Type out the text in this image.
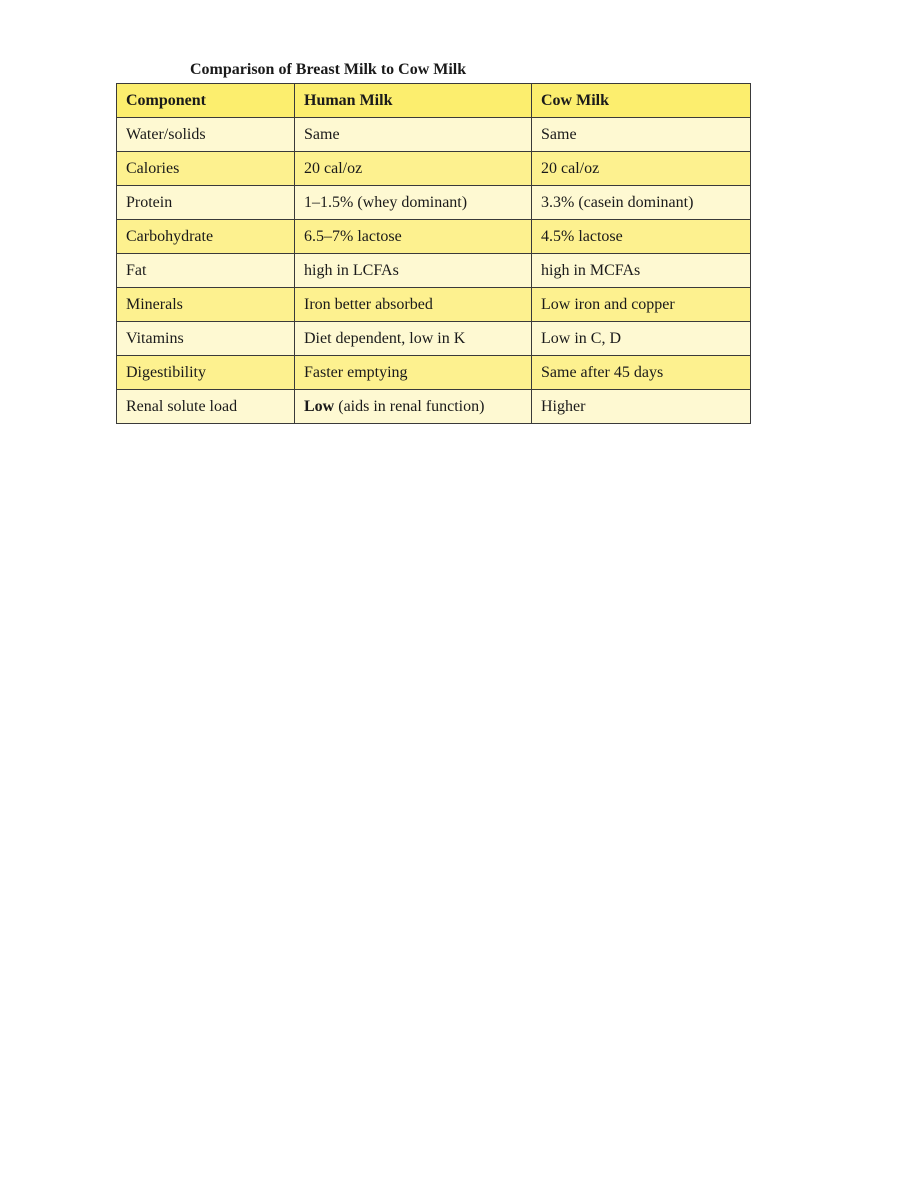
Comparison of Breast Milk to Cow Milk
Component	Human Milk	Cow Milk
Water/solids	Same	Same
Calories	20 cal/oz	20 cal/oz
Protein	1–1.5% (whey dominant)	3.3% (casein dominant)
Carbohydrate	6.5–7% lactose	4.5% lactose
Fat	high in LCFAs	high in MCFAs
Minerals	Iron better absorbed	Low iron and copper
Vitamins	Diet dependent, low in K	Low in C, D
Digestibility	Faster emptying	Same after 45 days
Renal solute load	Low (aids in renal function)	Higher
